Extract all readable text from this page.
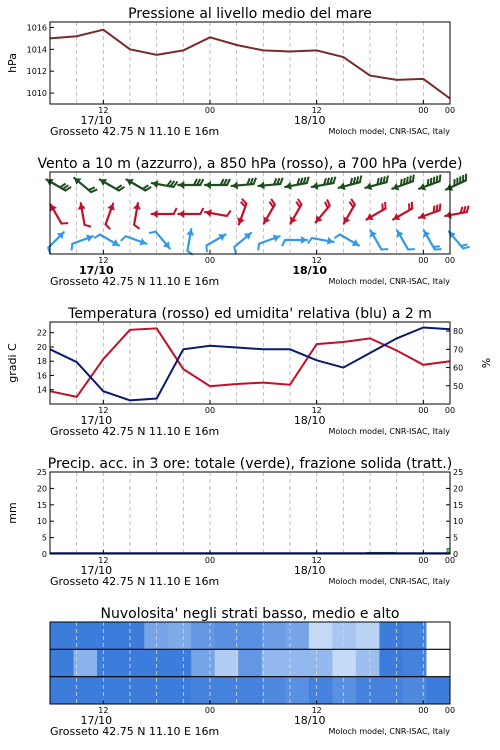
Pressione al livello medio del mare
1010
1012
1014
1016
hPa
12	00	12	00 00
17/10	18/10
Grosseto 42.75 N 11.10 E 16m	Moloch model, CNR-ISAC, Italy
Vento a 10 m (azzurro), a 850 hPa (rosso), a 700 hPa (verde)
12	00	12	00 00
17/10	18/10
Grosseto 42.75 N 11.10 E 16m	Moloch model, CNR-ISAC, Italy
Temperatura (rosso) ed umidita' relativa (blu) a 2 m
14
16
18
20
22
50
60
70
80
gradi C	%
12	00	12	00 00
17/10	18/10
Grosseto 42.75 N 11.10 E 16m	Moloch model, CNR-ISAC, Italy
Precip. acc. in 3 ore: totale (verde), frazione solida (tratt.)
0	0
5	5
10	10
15	15
20	20
25	25
mm
12	00	12	00 00
17/10	18/10
Grosseto 42.75 N 11.10 E 16m	Moloch model, CNR-ISAC, Italy
Nuvolosita' negli strati basso, medio e alto
12	00	12	00 00
17/10	18/10
Grosseto 42.75 N 11.10 E 16m	Moloch model, CNR-ISAC, Italy
